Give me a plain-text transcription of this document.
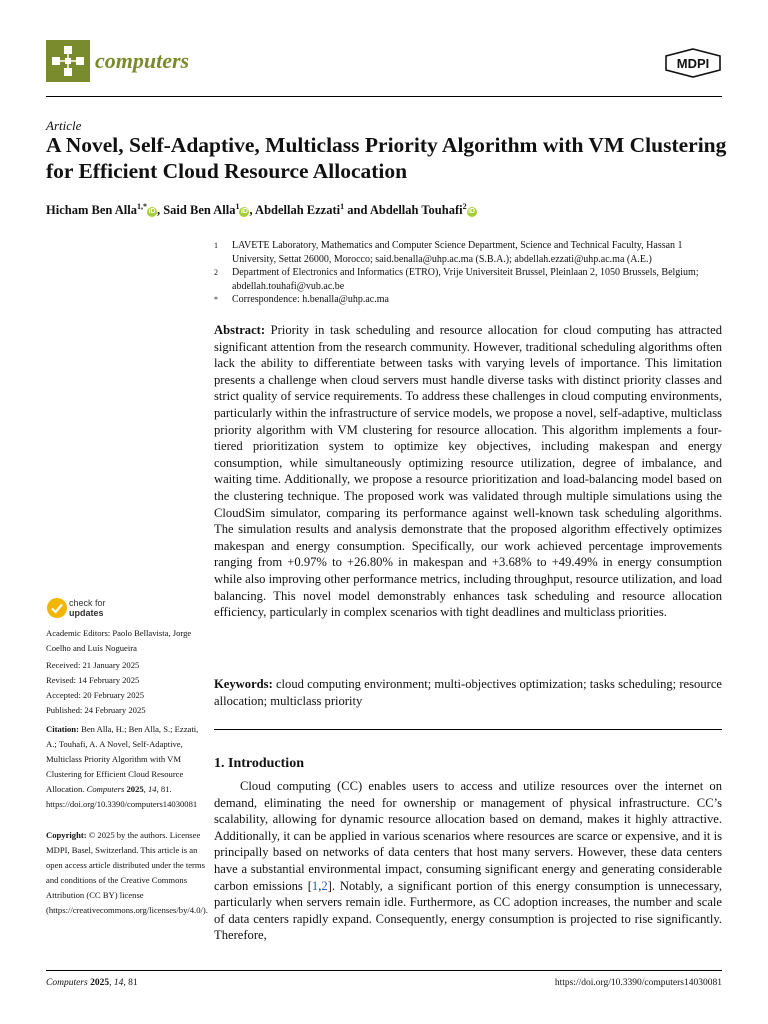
computers	MDPI
Article
A Novel, Self-Adaptive, Multiclass Priority Algorithm with VM Clustering for Efficient Cloud Resource Allocation
Hicham Ben Alla$^{1,*}$iD , Said Ben Alla$^1$iD , Abdellah Ezzati$^1$ and Abdellah Touhafi$^2$iD
1 LAVETE Laboratory, Mathematics and Computer Science Department, Science and Technical Faculty, Hassan 1 University, Settat 26000, Morocco; said.benalla@uhp.ac.ma (S.B.A.); abdellah.ezzati@uhp.ac.ma (A.E.)
2 Department of Electronics and Informatics (ETRO), Vrije Universiteit Brussel, Pleinlaan 2, 1050 Brussels, Belgium; abdellah.touhafi@vub.ac.be
* Correspondence: h.benalla@uhp.ac.ma
Abstract: Priority in task scheduling and resource allocation for cloud computing has attracted significant attention from the research community. However, traditional scheduling algorithms often lack the ability to differentiate between tasks with varying levels of importance. This limitation presents a challenge when cloud servers must handle diverse tasks with distinct priority classes and strict quality of service requirements. To address these challenges in cloud computing environments, particularly within the infrastructure of service models, we propose a novel, self-adaptive, multiclass priority algorithm with VM clustering for resource allocation. This algorithm implements a four-tiered prioritization system to optimize key objectives, including makespan and energy consumption, while simultaneously optimizing resource utilization, degree of imbalance, and waiting time. Additionally, we propose a resource prioritization and load-balancing model based on the clustering technique. The proposed work was validated through multiple simulations using the CloudSim simulator, comparing its performance against well-known task scheduling algorithms. The simulation results and analysis demonstrate that the proposed algorithm effectively optimizes makespan and energy consumption. Specifically, our work achieved percentage improvements ranging from +0.97% to +26.80% in makespan and +3.68% to +49.49% in energy consumption while also improving other performance metrics, including throughput, resource utilization, and load balancing. This novel model demonstrably enhances task scheduling and resource allocation efficiency, particularly in complex scenarios with tight deadlines and multiclass priorities.
Keywords: cloud computing environment; multi-objectives optimization; tasks scheduling; resource allocation; multiclass priority
1. Introduction
Cloud computing (CC) enables users to access and utilize resources over the internet on demand, eliminating the need for ownership or management of physical infrastructure. CC’s scalability, allowing for dynamic resource allocation based on demand, makes it highly attractive. Additionally, it can be applied in various scenarios where resources are scarce or expensive, and it is principally based on networks of data centers that host many servers. However, these data centers have a substantial environmental impact, consuming significant energy and generating considerable carbon emissions [1,2]. Notably, a significant portion of this energy consumption is unnecessary, particularly when servers remain idle. Furthermore, as CC adoption increases, the number and scale of data centers rapidly expand. Consequently, energy consumption is projected to rise significantly. Therefore,
check for
updates
Academic Editors: Paolo Bellavista, Jorge Coelho and Luís Nogueira
Received: 21 January 2025
Revised: 14 February 2025
Accepted: 20 February 2025
Published: 24 February 2025
Citation: Ben Alla, H.; Ben Alla, S.; Ezzati, A.; Touhafi, A. A Novel, Self-Adaptive, Multiclass Priority Algorithm with VM Clustering for Efficient Cloud Resource Allocation. Computers 2025, 14, 81. https://doi.org/10.3390/computers14030081
Copyright: © 2025 by the authors. Licensee MDPI, Basel, Switzerland. This article is an open access article distributed under the terms and conditions of the Creative Commons Attribution (CC BY) license (https://creativecommons.org/licenses/by/4.0/).
Computers 2025, 14, 81	https://doi.org/10.3390/computers14030081
